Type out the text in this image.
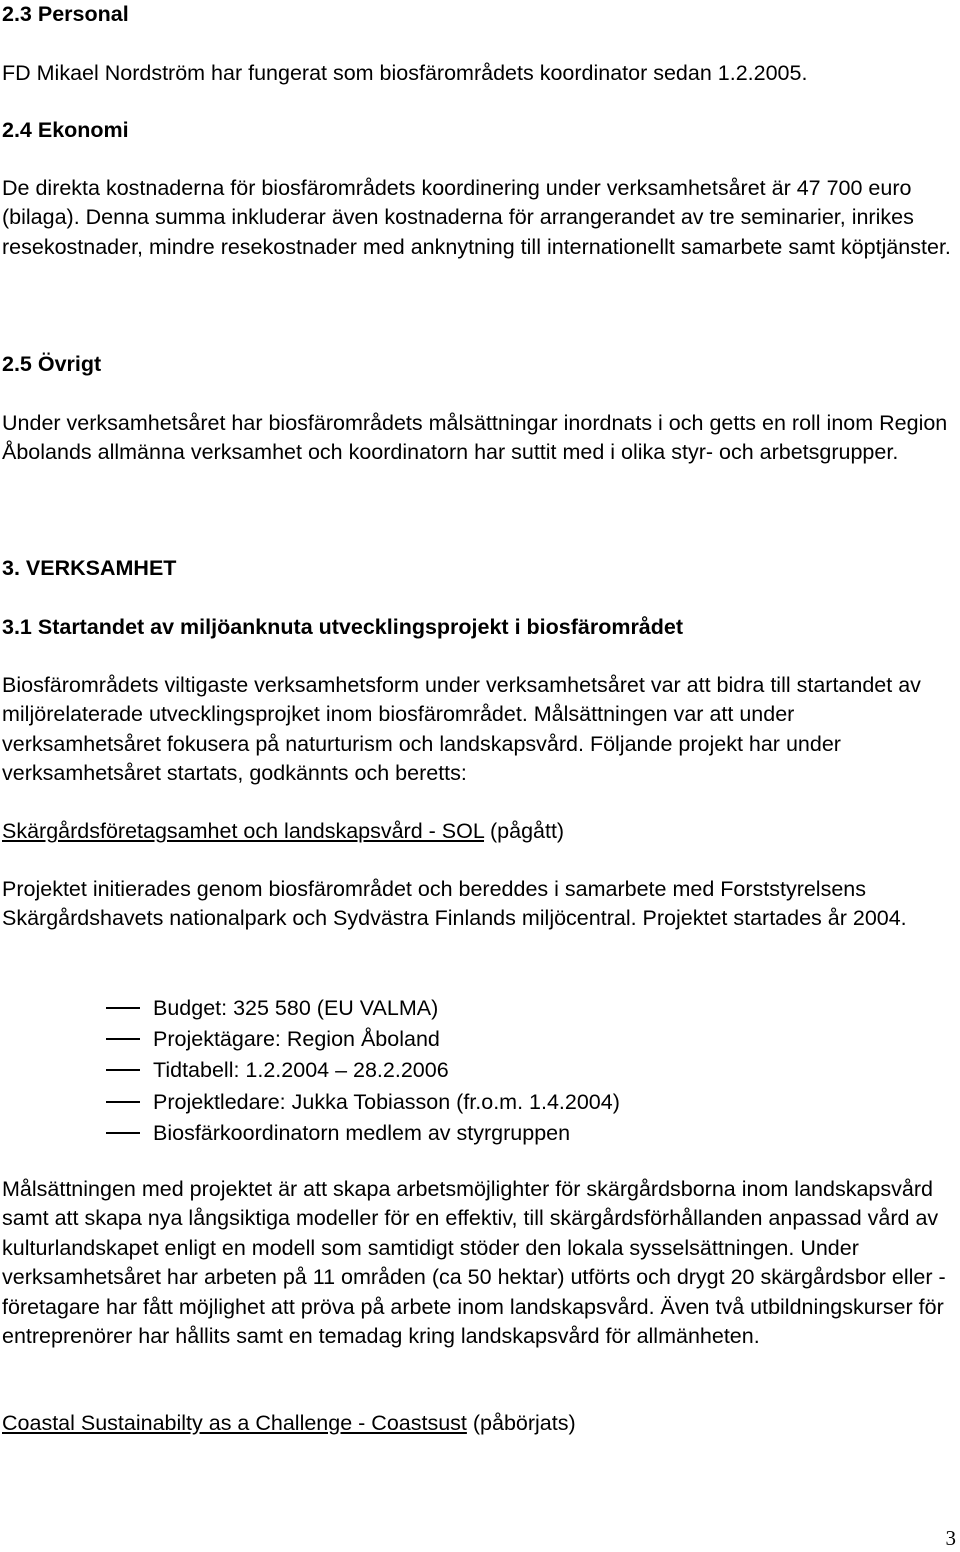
2.3 Personal

FD Mikael Nordström har fungerat som biosfärområdets koordinator sedan 1.2.2005.

2.4 Ekonomi

De direkta kostnaderna för biosfärområdets koordinering under verksamhetsåret är 47 700 euro (bilaga). Denna summa inkluderar även kostnaderna för arrangerandet av tre seminarier, inrikes resekostnader, mindre resekostnader med anknytning till internationellt samarbete samt köptjänster.

2.5 Övrigt

Under verksamhetsåret har biosfärområdets målsättningar inordnats i och getts en roll inom Region Åbolands allmänna verksamhet och koordinatorn har suttit med i olika styr- och arbetsgrupper.

3. VERKSAMHET
3.1 Startandet av miljöanknuta utvecklingsprojekt i biosfärområdet

Biosfärområdets viltigaste verksamhetsform under verksamhetsåret var att bidra till startandet av miljörelaterade utvecklingsprojket inom biosfärområdet. Målsättningen var att under verksamhetsåret fokusera på naturturism och landskapsvård. Följande projekt har under verksamhetsåret startats, godkännts och beretts:

Skärgårdsföretagsamhet och landskapsvård - SOL (pågått)

Projektet initierades genom biosfärområdet och bereddes i samarbete med Forststyrelsens Skärgårdshavets nationalpark och Sydvästra Finlands miljöcentral. Projektet startades år 2004.

Budget: 325 580 (EU VALMA)
Projektägare: Region Åboland
Tidtabell: 1.2.2004 – 28.2.2006
Projektledare: Jukka Tobiasson (fr.o.m. 1.4.2004)
Biosfärkoordinatorn medlem av styrgruppen

Målsättningen med projektet är att skapa arbetsmöjlighter för skärgårdsborna inom landskapsvård samt att skapa nya långsiktiga modeller för en effektiv, till skärgårdsförhållanden anpassad vård av kulturlandskapet enligt en modell som samtidigt stöder den lokala sysselsättningen. Under verksamhetsåret har arbeten på 11 områden (ca 50 hektar) utförts och drygt 20 skärgårdsbor eller -företagare har fått möjlighet att pröva på arbete inom landskapsvård. Även två utbildningskurser för entreprenörer har hållits samt en temadag kring landskapsvård för allmänheten.

Coastal Sustainabilty as a Challenge - Coastsust (påbörjats)
3
